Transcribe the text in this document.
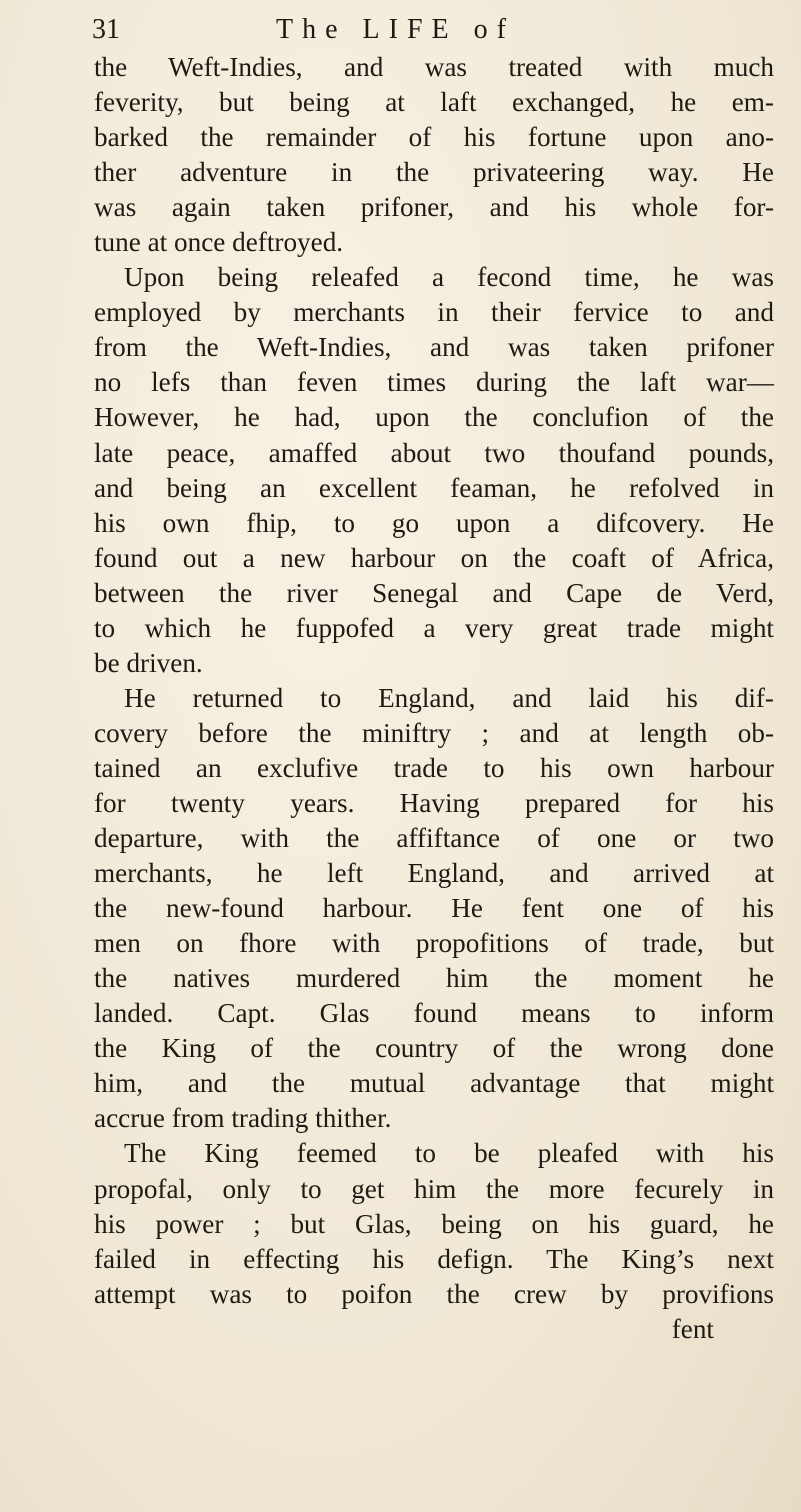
31	The LIFE of
the Weft-Indies, and was treated with much
feverity, but being at laft exchanged, he em-
barked the remainder of his fortune upon ano-
ther adventure in the privateering way. He
was again taken prifoner, and his whole for-
tune at once deftroyed.
Upon being releafed a fecond time, he was
employed by merchants in their fervice to and
from the Weft-Indies, and was taken prifoner
no lefs than feven times during the laft war—
However, he had, upon the conclufion of the
late peace, amaffed about two thoufand pounds,
and being an excellent feaman, he refolved in
his own fhip, to go upon a difcovery. He
found out a new harbour on the coaft of Africa,
between the river Senegal and Cape de Verd,
to which he fuppofed a very great trade might
be driven.
He returned to England, and laid his dif-
covery before the miniftry ; and at length ob-
tained an exclufive trade to his own harbour
for twenty years. Having prepared for his
departure, with the affiftance of one or two
merchants, he left England, and arrived at
the new-found harbour. He fent one of his
men on fhore with propofitions of trade, but
the natives murdered him the moment he
landed. Capt. Glas found means to inform
the King of the country of the wrong done
him, and the mutual advantage that might
accrue from trading thither.
The King feemed to be pleafed with his
propofal, only to get him the more fecurely in
his power ; but Glas, being on his guard, he
failed in effecting his defign. The King’s next
attempt was to poifon the crew by provifions
fent
